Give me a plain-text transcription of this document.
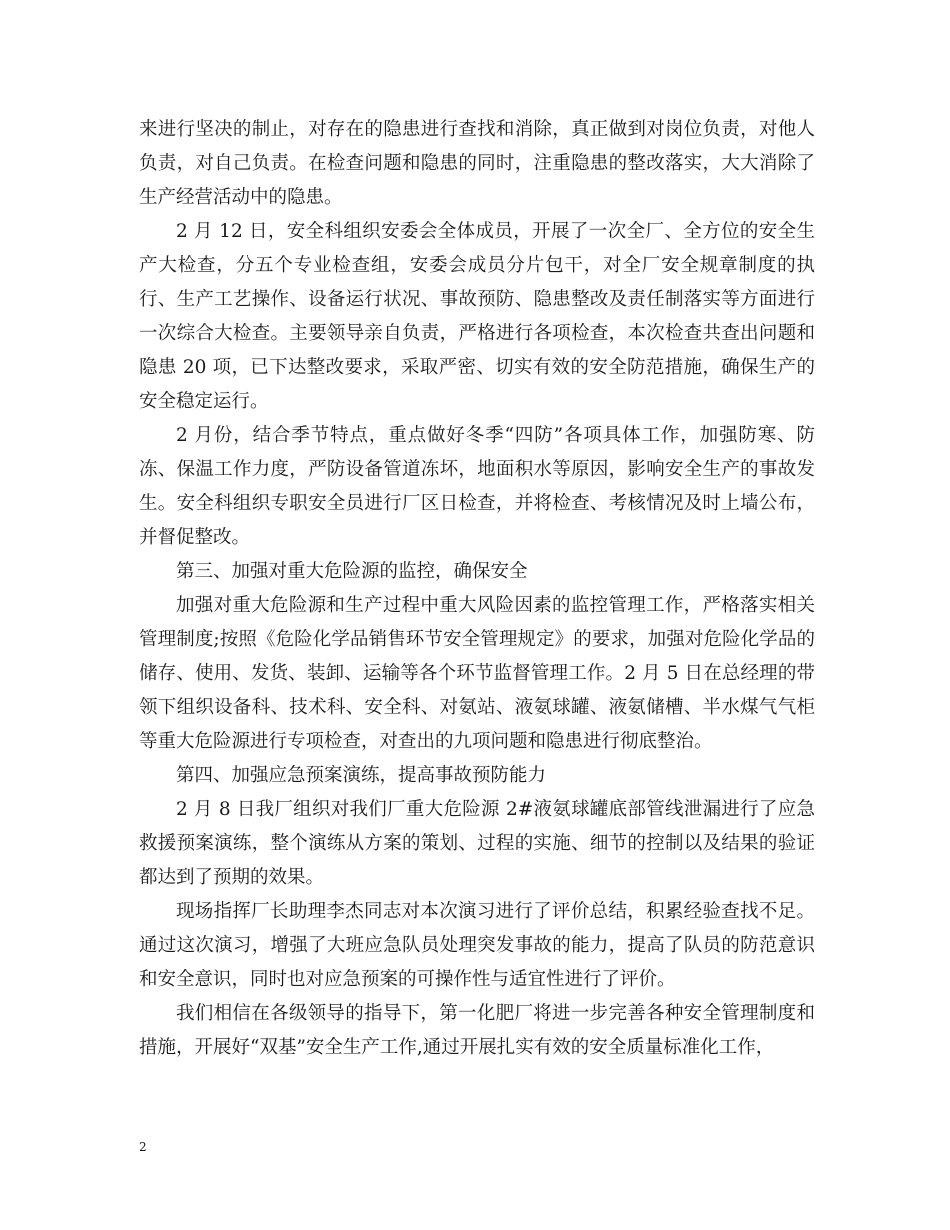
来进行坚决的制止，对存在的隐患进行查找和消除，真正做到对岗位负责，对他人负责，对自己负责。在检查问题和隐患的同时，注重隐患的整改落实，大大消除了生产经营活动中的隐患。

2 月 12 日，安全科组织安委会全体成员，开展了一次全厂、全方位的安全生产大检查，分五个专业检查组，安委会成员分片包干，对全厂安全规章制度的执行、生产工艺操作、设备运行状况、事故预防、隐患整改及责任制落实等方面进行一次综合大检查。主要领导亲自负责，严格进行各项检查，本次检查共查出问题和隐患 20 项，已下达整改要求，采取严密、切实有效的安全防范措施，确保生产的安全稳定运行。

2 月份，结合季节特点，重点做好冬季“四防”各项具体工作，加强防寒、防冻、保温工作力度，严防设备管道冻坏，地面积水等原因，影响安全生产的事故发生。安全科组织专职安全员进行厂区日检查，并将检查、考核情况及时上墙公布，并督促整改。

第三、加强对重大危险源的监控，确保安全

加强对重大危险源和生产过程中重大风险因素的监控管理工作，严格落实相关管理制度;按照《危险化学品销售环节安全管理规定》的要求，加强对危险化学品的储存、使用、发货、装卸、运输等各个环节监督管理工作。2 月 5 日在总经理的带领下组织设备科、技术科、安全科、对氨站、液氨球罐、液氨储槽、半水煤气气柜等重大危险源进行专项检查，对查出的九项问题和隐患进行彻底整治。

第四、加强应急预案演练，提高事故预防能力

2 月 8 日我厂组织对我们厂重大危险源 2#液氨球罐底部管线泄漏进行了应急救援预案演练，整个演练从方案的策划、过程的实施、细节的控制以及结果的验证都达到了预期的效果。

现场指挥厂长助理李杰同志对本次演习进行了评价总结，积累经验查找不足。通过这次演习，增强了大班应急队员处理突发事故的能力，提高了队员的防范意识和安全意识，同时也对应急预案的可操作性与适宜性进行了评价。

我们相信在各级领导的指导下，第一化肥厂将进一步完善各种安全管理制度和措施，开展好“双基”安全生产工作,通过开展扎实有效的安全质量标准化工作，

2
